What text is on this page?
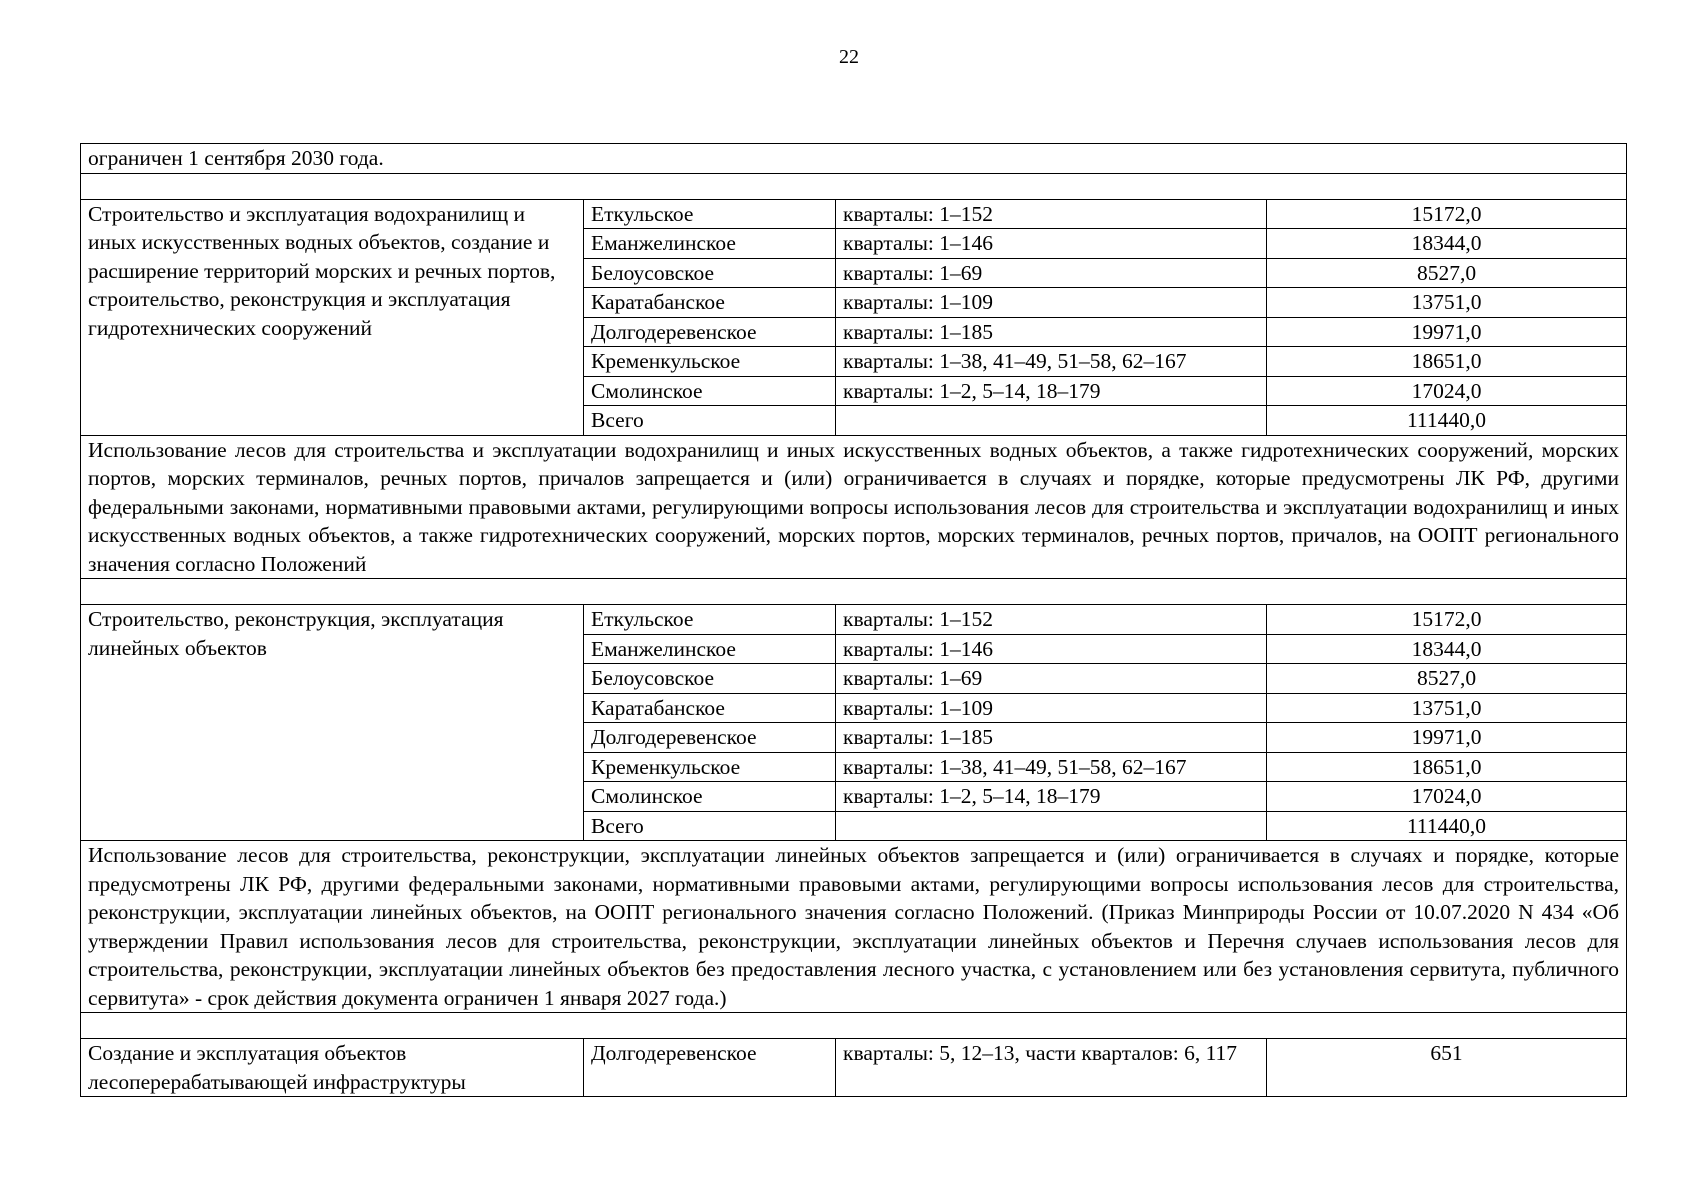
22
ограничен 1 сентября 2030 года.			

Строительство и эксплуатация водохранилищ и иных искусственных водных объектов, создание и расширение территорий морских и речных портов, строительство, реконструкция и эксплуатация гидротехнических сооружений	Еткульское	кварталы: 1–152	15172,0
	Еманжелинское	кварталы: 1–146	18344,0
	Белоусовское	кварталы: 1–69	8527,0
	Каратабанское	кварталы: 1–109	13751,0
	Долгодеревенское	кварталы: 1–185	19971,0
	Кременкульское	кварталы: 1–38, 41–49, 51–58, 62–167	18651,0
	Смолинское	кварталы: 1–2, 5–14, 18–179	17024,0
	Всего		111440,0
Использование лесов для строительства и эксплуатации водохранилищ и иных искусственных водных объектов, а также гидротехнических сооружений, морских портов, морских терминалов, речных портов, причалов запрещается и (или) ограничивается в случаях и порядке, которые предусмотрены ЛК РФ, другими федеральными законами, нормативными правовыми актами, регулирующими вопросы использования лесов для строительства и эксплуатации водохранилищ и иных искусственных водных объектов, а также гидротехнических сооружений, морских портов, морских терминалов, речных портов, причалов, на ООПТ регионального значения согласно Положений			

Строительство, реконструкция, эксплуатация линейных объектов	Еткульское	кварталы: 1–152	15172,0
	Еманжелинское	кварталы: 1–146	18344,0
	Белоусовское	кварталы: 1–69	8527,0
	Каратабанское	кварталы: 1–109	13751,0
	Долгодеревенское	кварталы: 1–185	19971,0
	Кременкульское	кварталы: 1–38, 41–49, 51–58, 62–167	18651,0
	Смолинское	кварталы: 1–2, 5–14, 18–179	17024,0
	Всего		111440,0
Использование лесов для строительства, реконструкции, эксплуатации линейных объектов запрещается и (или) ограничивается в случаях и порядке, которые предусмотрены ЛК РФ, другими федеральными законами, нормативными правовыми актами, регулирующими вопросы использования лесов для строительства, реконструкции, эксплуатации линейных объектов, на ООПТ регионального значения согласно Положений. (Приказ Минприроды России от 10.07.2020 N 434 «Об утверждении Правил использования лесов для строительства, реконструкции, эксплуатации линейных объектов и Перечня случаев использования лесов для строительства, реконструкции, эксплуатации линейных объектов без предоставления лесного участка, с установлением или без установления сервитута, публичного сервитута» - срок действия документа ограничен 1 января 2027 года.)			

Создание и эксплуатация объектов лесоперерабатывающей инфраструктуры	Долгодеревенское	кварталы: 5, 12–13, части кварталов: 6, 117	651
